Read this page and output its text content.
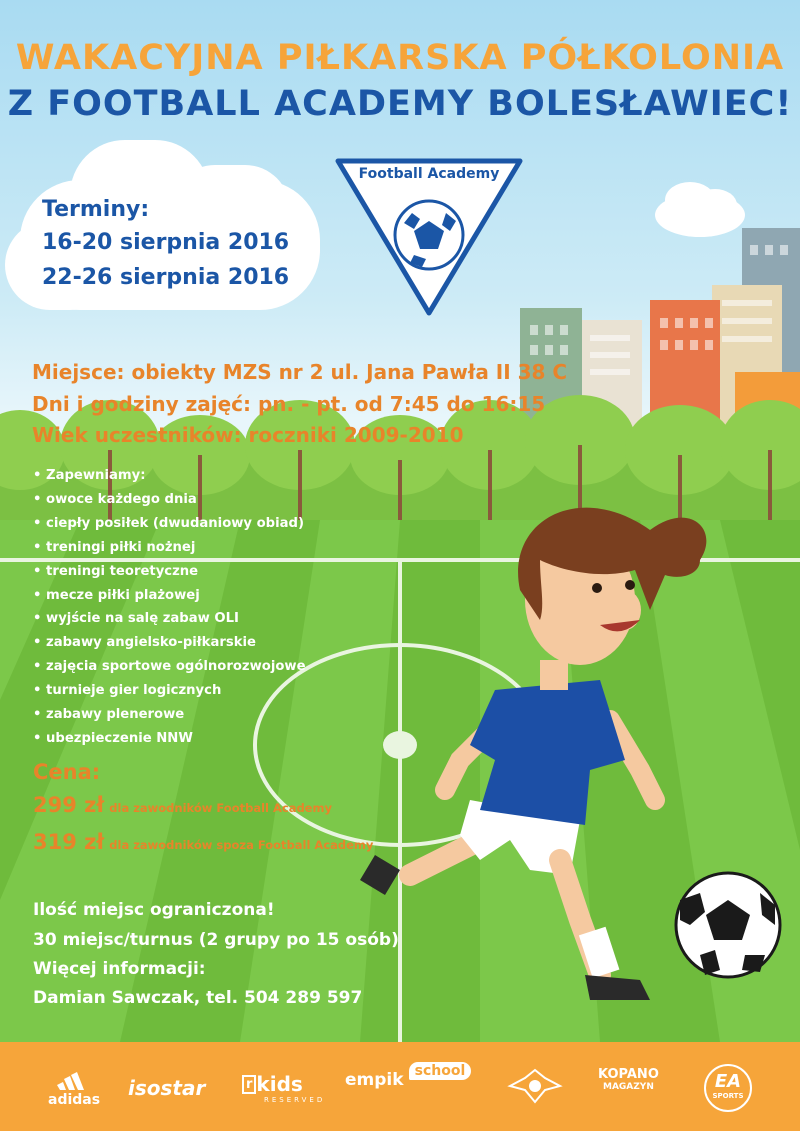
WAKACYJNA PIŁKARSKA PÓŁKOLONIA
Z FOOTBALL ACADEMY BOLESŁAWIEC!
Football Academy

Terminy:

16-20 sierpnia 2016

22-26 sierpnia 2016

Miejsce: obiekty MZS nr 2 ul. Jana Pawła II 38 C

Dni i godziny zajęć: pn. - pt. od 7:45 do 16:15

Wiek uczestników: roczniki 2009-2010

• Zapewniamy:
• owoce każdego dnia
• ciepły posiłek (dwudaniowy obiad)
• treningi piłki nożnej
• treningi teoretyczne
• mecze piłki plażowej
• wyjście na salę zabaw OLI
• zabawy angielsko-piłkarskie
• zajęcia sportowe ogólnorozwojowe
• turnieje gier logicznych
• zabawy plenerowe
• ubezpieczenie NNW

Cena:

299 zł dla zawodników Football Academy

319 zł dla zawodników spoza Football Academy

Ilość miejsc ograniczona!

30 miejsc/turnus (2 grupy po 15 osób)

Więcej informacji:

Damian Sawczak, tel. 504 289 597

adidas isostar	r kids
RESERVED
empik school	KOPANO
MAGAZYN	EA
SPORTS
